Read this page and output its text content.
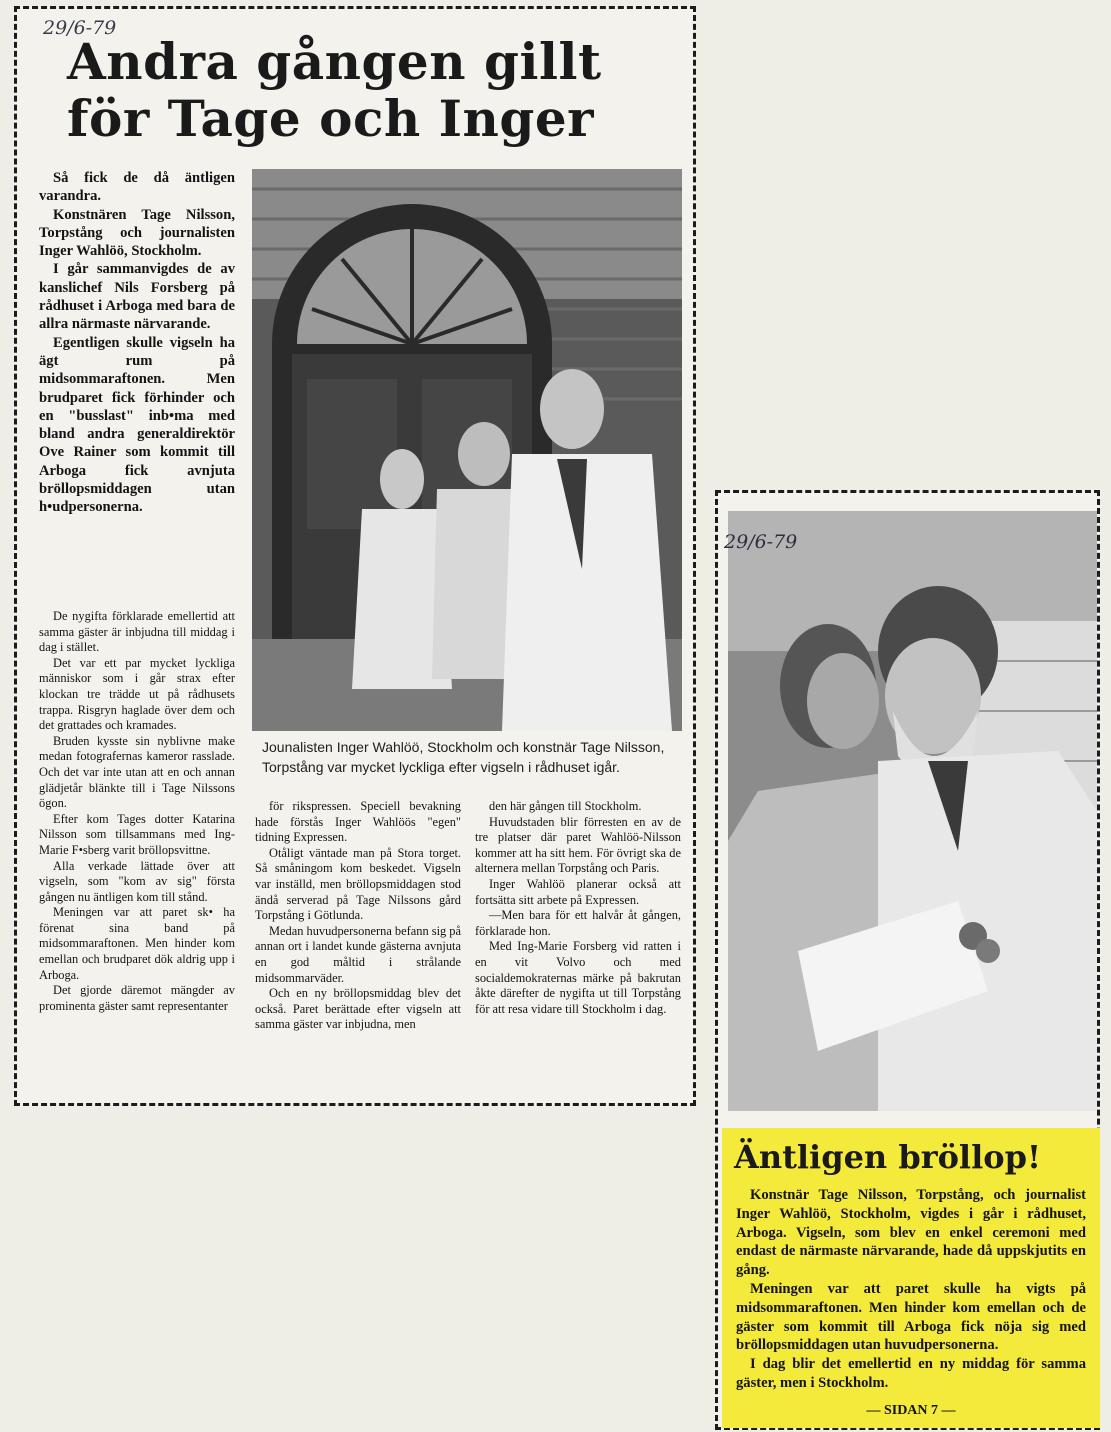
29/6-79
Andra gången gillt för Tage och Inger

Så fick de då äntligen varandra.

Konstnären Tage Nilsson, Torpstång och journalisten Inger Wahlöö, Stockholm.

I går sammanvigdes de av kanslichef Nils Forsberg på rådhuset i Arboga med bara de allra närmaste närvarande.

Egentligen skulle vigseln ha ägt rum på midsommaraftonen. Men brudparet fick förhinder och en "busslast" inb•ma med bland andra generaldirektör Ove Rainer som kommit till Arboga fick avnjuta bröllopsmiddagen utan h•udpersonerna.

Jounalisten Inger Wahlöö, Stockholm och konstnär Tage Nilsson, Torpstång var mycket lyckliga efter vigseln i rådhuset igår.

De nygifta förklarade emellertid att samma gäster är inbjudna till middag i dag i stället.

Det var ett par mycket lyckliga människor som i går strax efter klockan tre trädde ut på rådhusets trappa. Risgryn haglade över dem och det grattades och kramades.

Bruden kysste sin nyblivne make medan fotografernas kameror rasslade. Och det var inte utan att en och annan glädjetår blänkte till i Tage Nilssons ögon.

Efter kom Tages dotter Katarina Nilsson som tillsammans med Ing-Marie F•sberg varit bröllopsvittne.

Alla verkade lättade över att vigseln, som "kom av sig" första gången nu äntligen kom till stånd.

Meningen var att paret sk• ha förenat sina band på midsommaraftonen. Men hinder kom emellan och brudparet dök aldrig upp i Arboga.

Det gjorde däremot mängder av prominenta gäster samt representanter

för rikspressen. Speciell bevakning hade förstås Inger Wahlöös "egen" tidning Expressen.

Otåligt väntade man på Stora torget. Så småningom kom beskedet. Vigseln var inställd, men bröllopsmiddagen stod ändå serverad på Tage Nilssons gård Torpstång i Götlunda.

Medan huvudpersonerna befann sig på annan ort i landet kunde gästerna avnjuta en god måltid i strålande midsommarväder.

Och en ny bröllopsmiddag blev det också. Paret berättade efter vigseln att samma gäster var inbjudna, men

den här gången till Stockholm.

Huvudstaden blir förresten en av de tre platser där paret Wahlöö-Nilsson kommer att ha sitt hem. För övrigt ska de alternera mellan Torpstång och Paris.

Inger Wahlöö planerar också att fortsätta sitt arbete på Expressen.

—Men bara för ett halvår åt gången, förklarade hon.

Med Ing-Marie Forsberg vid ratten i en vit Volvo och med socialdemokraternas märke på bakrutan åkte därefter de nygifta ut till Torpstång för att resa vidare till Stockholm i dag.

29/6-79
Äntligen bröllop!

Konstnär Tage Nilsson, Torpstång, och journalist Inger Wahlöö, Stockholm, vigdes i går i rådhuset, Arboga. Vigseln, som blev en enkel ceremoni med endast de närmaste närvarande, hade då uppskjutits en gång.

Meningen var att paret skulle ha vigts på midsommaraftonen. Men hinder kom emellan och de gäster som kommit till Arboga fick nöja sig med bröllopsmiddagen utan huvudpersonerna.

I dag blir det emellertid en ny middag för samma gäster, men i Stockholm.

— SIDAN 7 —
